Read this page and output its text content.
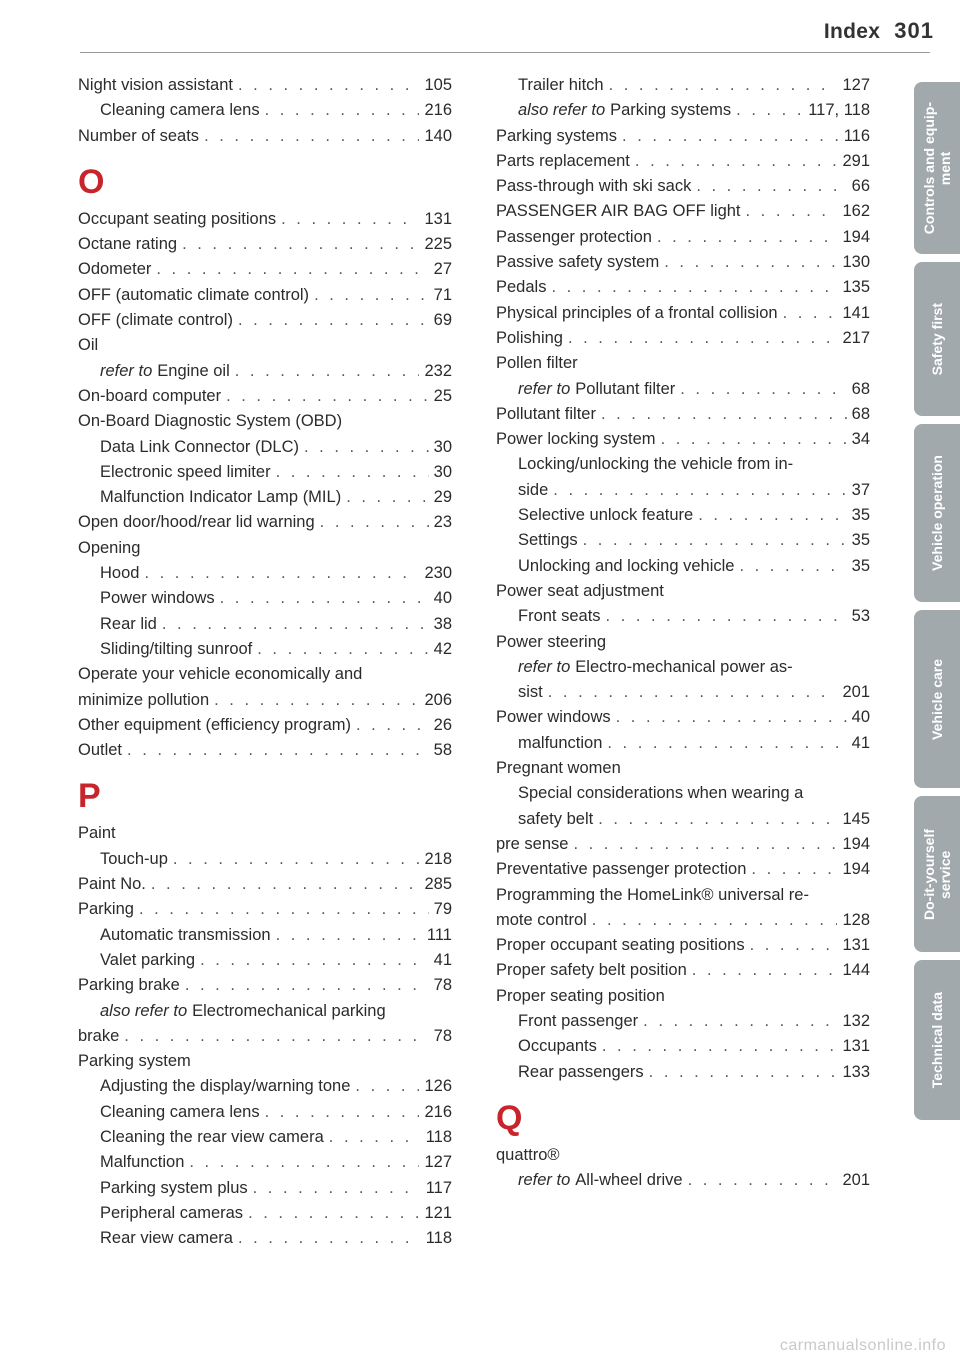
Index 301
Night vision assistant . . .	105
Cleaning camera lens . . .	216
Number of seats . . .	140
O
Occupant seating positions . . .	131
Octane rating . . .	225
Odometer . . .	27
OFF (automatic climate control) . . .	71
OFF (climate control) . . .	69
Oil
refer to Engine oil . . .	232
On-board computer . . .	25
On-Board Diagnostic System (OBD)
Data Link Connector (DLC) . . .	30
Electronic speed limiter . . .	30
Malfunction Indicator Lamp (MIL) . . .	29
Open door/hood/rear lid warning . . .	23
Opening
Hood . . .	230
Power windows . . .	40
Rear lid . . .	38
Sliding/tilting sunroof . . .	42
Operate your vehicle economically and
minimize pollution . . .	206
Other equipment (efficiency program) . . .	26
Outlet . . .	58
P
Paint
Touch-up . . .	218
Paint No. . . .	285
Parking . . .	79
Automatic transmission . . .	111
Valet parking . . .	41
Parking brake . . .	78
also refer to Electromechanical parking
brake . . .	78
Parking system
Adjusting the display/warning tone . . .	126
Cleaning camera lens . . .	216
Cleaning the rear view camera . . .	118
Malfunction . . .	127
Parking system plus . . .	117
Peripheral cameras . . .	121
Rear view camera . . .	118
Trailer hitch . . .	127
also refer to Parking systems . . .	117, 118
Parking systems . . .	116
Parts replacement . . .	291
Pass-through with ski sack . . .	66
PASSENGER AIR BAG OFF light . . .	162
Passenger protection . . .	194
Passive safety system . . .	130
Pedals . . .	135
Physical principles of a frontal collision . . .	141
Polishing . . .	217
Pollen filter
refer to Pollutant filter . . .	68
Pollutant filter . . .	68
Power locking system . . .	34
Locking/unlocking the vehicle from in-
side . . .	37
Selective unlock feature . . .	35
Settings . . .	35
Unlocking and locking vehicle . . .	35
Power seat adjustment
Front seats . . .	53
Power steering
refer to Electro-mechanical power as-
sist . . .	201
Power windows . . .	40
malfunction . . .	41
Pregnant women
Special considerations when wearing a
safety belt . . .	145
pre sense . . .	194
Preventative passenger protection . . .	194
Programming the HomeLink® universal re-
mote control . . .	128
Proper occupant seating positions . . .	131
Proper safety belt position . . .	144
Proper seating position
Front passenger . . .	132
Occupants . . .	131
Rear passengers . . .	133
Q
quattro®
refer to All-wheel drive . . .	201
Controls and equip-
ment
Safety first
Vehicle operation
Vehicle care
Do-it-yourself
service
Technical data
carmanualsonline.info
